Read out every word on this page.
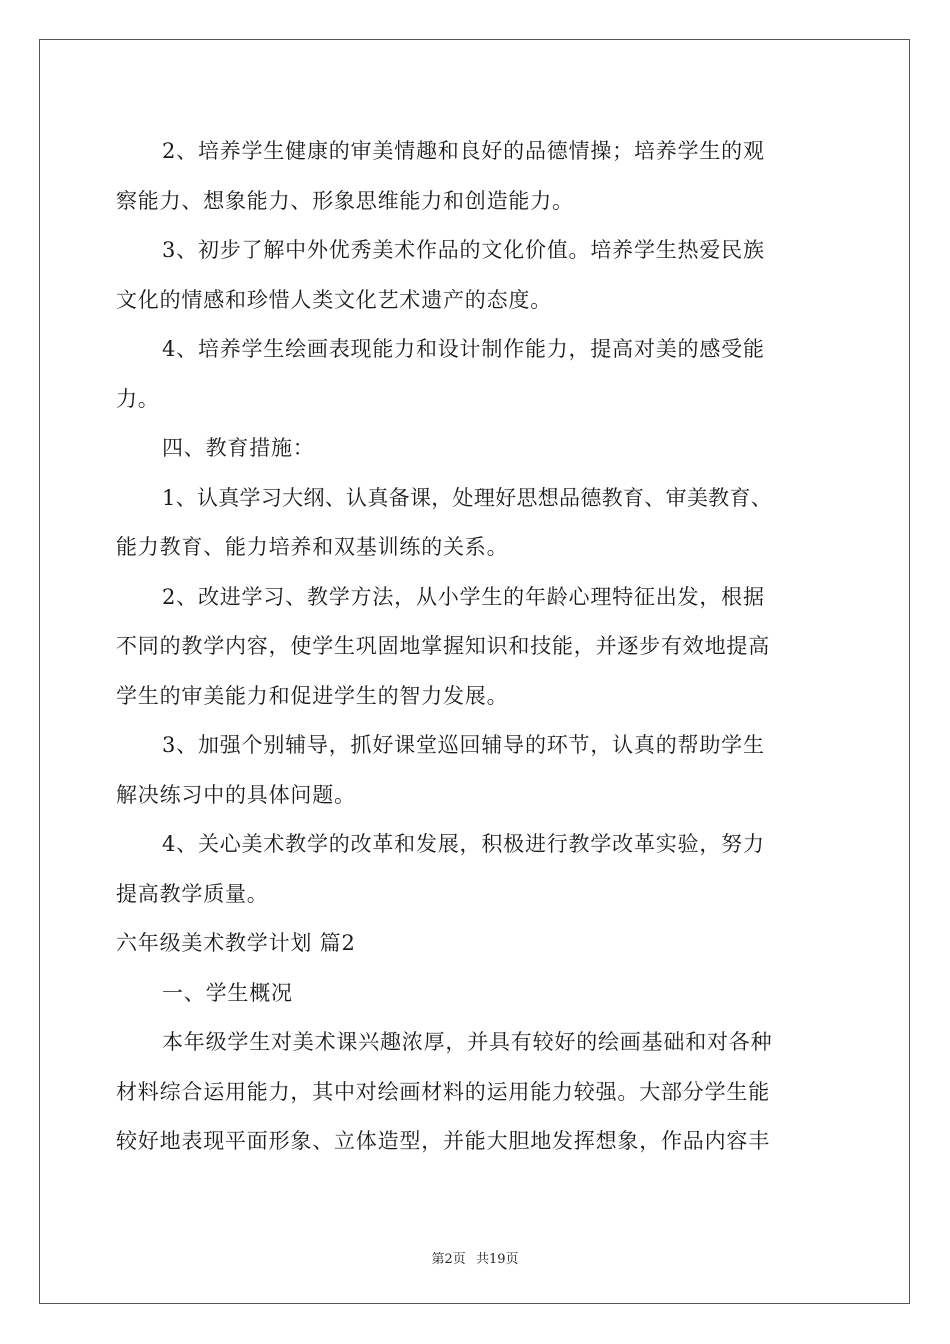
2、培养学生健康的审美情趣和良好的品德情操；培养学生的观
察能力、想象能力、形象思维能力和创造能力。
3、初步了解中外优秀美术作品的文化价值。培养学生热爱民族
文化的情感和珍惜人类文化艺术遗产的态度。
4、培养学生绘画表现能力和设计制作能力，提高对美的感受能
力。
四、教育措施：
1、认真学习大纲、认真备课，处理好思想品德教育、审美教育、
能力教育、能力培养和双基训练的关系。
2、改进学习、教学方法，从小学生的年龄心理特征出发，根据
不同的教学内容，使学生巩固地掌握知识和技能，并逐步有效地提高
学生的审美能力和促进学生的智力发展。
3、加强个别辅导，抓好课堂巡回辅导的环节，认真的帮助学生
解决练习中的具体问题。
4、关心美术教学的改革和发展，积极进行教学改革实验，努力
提高教学质量。
六年级美术教学计划 篇2
一、学生概况
本年级学生对美术课兴趣浓厚，并具有较好的绘画基础和对各种
材料综合运用能力，其中对绘画材料的运用能力较强。大部分学生能
较好地表现平面形象、立体造型，并能大胆地发挥想象，作品内容丰
第2页 共19页
